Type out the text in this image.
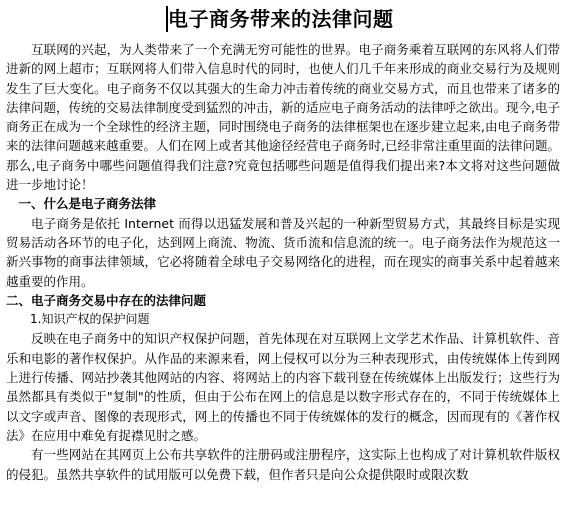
电子商务带来的法律问题

互联网的兴起，为人类带来了一个充满无穷可能性的世界。电子商务乘着互联网的东风将人们带进新的网上超市；互联网将人们带入信息时代的同时，也使人们几千年来形成的商业交易行为及规则发生了巨大变化。电子商务不仅以其强大的生命力冲击着传统的商业交易方式，而且也带来了诸多的法律问题，传统的交易法律制度受到猛烈的冲击，新的适应电子商务活动的法律呼之欲出。现今,电子商务正在成为一个全球性的经济主题，同时围绕电子商务的法律框架也在逐步建立起来,由电子商务带来的法律问题越来越重要。人们在网上或者其他途径经营电子商务时,已经非常注重里面的法律问题。那么,电子商务中哪些问题值得我们注意?究竟包括哪些问题是值得我们提出来?本文将对这些问题做进一步地讨论！

一、什么是电子商务法律

电子商务是依托 Internet 而得以迅猛发展和普及兴起的一种新型贸易方式，其最终目标是实现贸易活动各环节的电子化，达到网上商流、物流、货币流和信息流的统一。电子商务法作为规范这一新兴事物的商事法律领域，它必将随着全球电子交易网络化的进程，而在现实的商事关系中起着越来越重要的作用。

二、电子商务交易中存在的法律问题

1.知识产权的保护问题

反映在电子商务中的知识产权保护问题，首先体现在对互联网上文学艺术作品、计算机软件、音乐和电影的著作权保护。从作品的来源来看，网上侵权可以分为三种表现形式，由传统媒体上传到网上进行传播、网站抄袭其他网站的内容、将网站上的内容下载刊登在传统媒体上出版发行；这些行为虽然都具有类似于"复制"的性质，但由于公布在网上的信息是以数字形式存在的，不同于传统媒体上以文字或声音、图像的表现形式，网上的传播也不同于传统媒体的发行的概念，因而现有的《著作权法》在应用中难免有捉襟见肘之感。

有一些网站在其网页上公布共享软件的注册码或注册程序，这实际上也构成了对计算机软件版权的侵犯。虽然共享软件的试用版可以免费下载，但作者只是向公众提供限时或限次数
